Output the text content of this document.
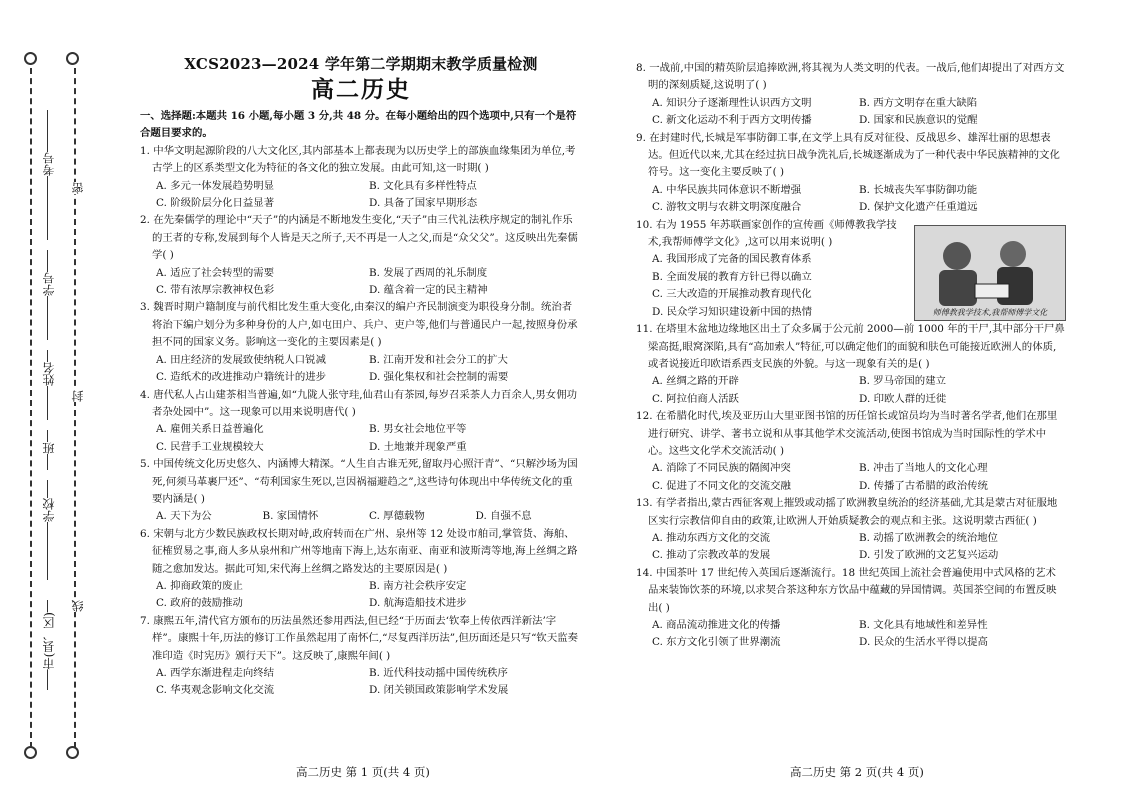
市(县、区)
学校
班
姓名
学号
考号
密
封
线
XCS2023—2024 学年第二学期期末教学质量检测
高二历史
一、选择题:本题共 16 小题,每小题 3 分,共 48 分。在每小题给出的四个选项中,只有一个是符合题目要求的。
1. 中华文明起源阶段的八大文化区,其内部基本上都表现为以历史学上的部族血缘集团为单位,考古学上的区系类型文化为特征的各文化的独立发展。由此可知,这一时期( )
A. 多元一体发展趋势明显	B. 文化具有多样性特点
C. 阶级阶层分化日益显著	D. 具备了国家早期形态
2. 在先秦儒学的理论中“天子”的内涵是不断地发生变化,“天子”由三代礼法秩序规定的制礼作乐的王者的专称,发展到每个人皆是天之所子,天不再是一人之父,而是“众父父”。这反映出先秦儒学( )
A. 适应了社会转型的需要	B. 发展了西周的礼乐制度
C. 带有浓厚宗教神权色彩	D. 蕴含着一定的民主精神
3. 魏晋时期户籍制度与前代相比发生重大变化,由秦汉的编户齐民制演变为职役身分制。统治者将治下编户划分为多种身份的人户,如屯田户、兵户、吏户等,他们与普通民户一起,按照身份承担不同的国家义务。影响这一变化的主要因素是( )
A. 田庄经济的发展致使纳税人口锐减	B. 江南开发和社会分工的扩大
C. 造纸术的改进推动户籍统计的进步	D. 强化集权和社会控制的需要
4. 唐代私人占山建茶相当普遍,如“九陇人张守珪,仙君山有茶园,每岁召采茶人力百余人,男女佣功者杂处园中”。这一现象可以用来说明唐代( )
A. 雇佣关系日益普遍化	B. 男女社会地位平等
C. 民营手工业规模较大	D. 土地兼并现象严重
5. 中国传统文化历史悠久、内涵博大精深。“人生自古谁无死,留取丹心照汗青”、“只解沙场为国死,何须马革裹尸还”、“苟利国家生死以,岂因祸福避趋之”,这些诗句体现出中华传统文化的重要内涵是( )
A. 天下为公	B. 家国情怀	C. 厚德载物	D. 自强不息
6. 宋朝与北方少数民族政权长期对峙,政府转而在广州、泉州等 12 处设市舶司,掌管货、海舶、征榷贸易之事,商人多从泉州和广州等地南下海上,达东南亚、南亚和波斯湾等地,海上丝绸之路随之愈加发达。据此可知,宋代海上丝绸之路发达的主要原因是( )
A. 抑商政策的废止	B. 南方社会秩序安定
C. 政府的鼓励推动	D. 航海造船技术进步
7. 康熙五年,清代官方颁布的历法虽然还参用西法,但已经“于历面去‘钦奉上传依西洋新法’字样”。康熙十年,历法的修订工作虽然起用了南怀仁,“尽复西洋历法”,但历面还是只写“钦天监奏准印造《时宪历》颁行天下”。这反映了,康熙年间( )
A. 西学东渐进程走向终结	B. 近代科技动摇中国传统秩序
C. 华夷观念影响文化交流	D. 闭关锁国政策影响学术发展
高二历史 第 1 页(共 4 页)
8. 一战前,中国的精英阶层追捧欧洲,将其视为人类文明的代表。一战后,他们却提出了对西方文明的深刻质疑,这说明了( )
A. 知识分子逐渐理性认识西方文明	B. 西方文明存在重大缺陷
C. 新文化运动不利于西方文明传播	D. 国家和民族意识的觉醒
9. 在封建时代,长城是军事防御工事,在文学上具有反对征役、反战思乡、雄浑壮丽的思想表达。但近代以来,尤其在经过抗日战争洗礼后,长城逐渐成为了一种代表中华民族精神的文化符号。这一变化主要反映了( )
A. 中华民族共同体意识不断增强	B. 长城丧失军事防御功能
C. 游牧文明与农耕文明深度融合	D. 保护文化遗产任重道远
10. 右为 1955 年苏联画家创作的宣传画《师傅教我学技术,我帮师傅学文化》,这可以用来说明( )
A. 我国形成了完备的国民教育体系
B. 全面发展的教育方针已得以确立
C. 三大改造的开展推动教育现代化
D. 民众学习知识建设新中国的热情	师傅教我学技术,我帮师傅学文化
11. 在塔里木盆地边缘地区出土了众多属于公元前 2000—前 1000 年的干尸,其中部分干尸鼻梁高挺,眼窝深陷,具有“高加索人”特征,可以确定他们的面貌和肤色可能接近欧洲人的体质,或者说接近印欧语系西支民族的外貌。与这一现象有关的是( )
A. 丝绸之路的开辟	B. 罗马帝国的建立
C. 阿拉伯商人活跃	D. 印欧人群的迁徙
12. 在希腊化时代,埃及亚历山大里亚图书馆的历任馆长或馆员均为当时著名学者,他们在那里进行研究、讲学、著书立说和从事其他学术交流活动,使图书馆成为当时国际性的学术中心。这些文化学术交流活动( )
A. 消除了不同民族的隔阂冲突	B. 冲击了当地人的文化心理
C. 促进了不同文化的交流交融	D. 传播了古希腊的政治传统
13. 有学者指出,蒙古西征客观上摧毁或动摇了欧洲教皇统治的经济基础,尤其是蒙古对征服地区实行宗教信仰自由的政策,让欧洲人开始质疑教会的观点和主张。这说明蒙古西征( )
A. 推动东西方文化的交流	B. 动摇了欧洲教会的统治地位
C. 推动了宗教改革的发展	D. 引发了欧洲的文艺复兴运动
14. 中国茶叶 17 世纪传入英国后逐渐流行。18 世纪英国上流社会普遍使用中式风格的艺术品来装饰饮茶的环境,以求契合茶这种东方饮品中蕴藏的异国情调。英国茶空间的布置反映出( )
A. 商品流动推进文化的传播	B. 文化具有地域性和差异性
C. 东方文化引领了世界潮流	D. 民众的生活水平得以提高
高二历史 第 2 页(共 4 页)
